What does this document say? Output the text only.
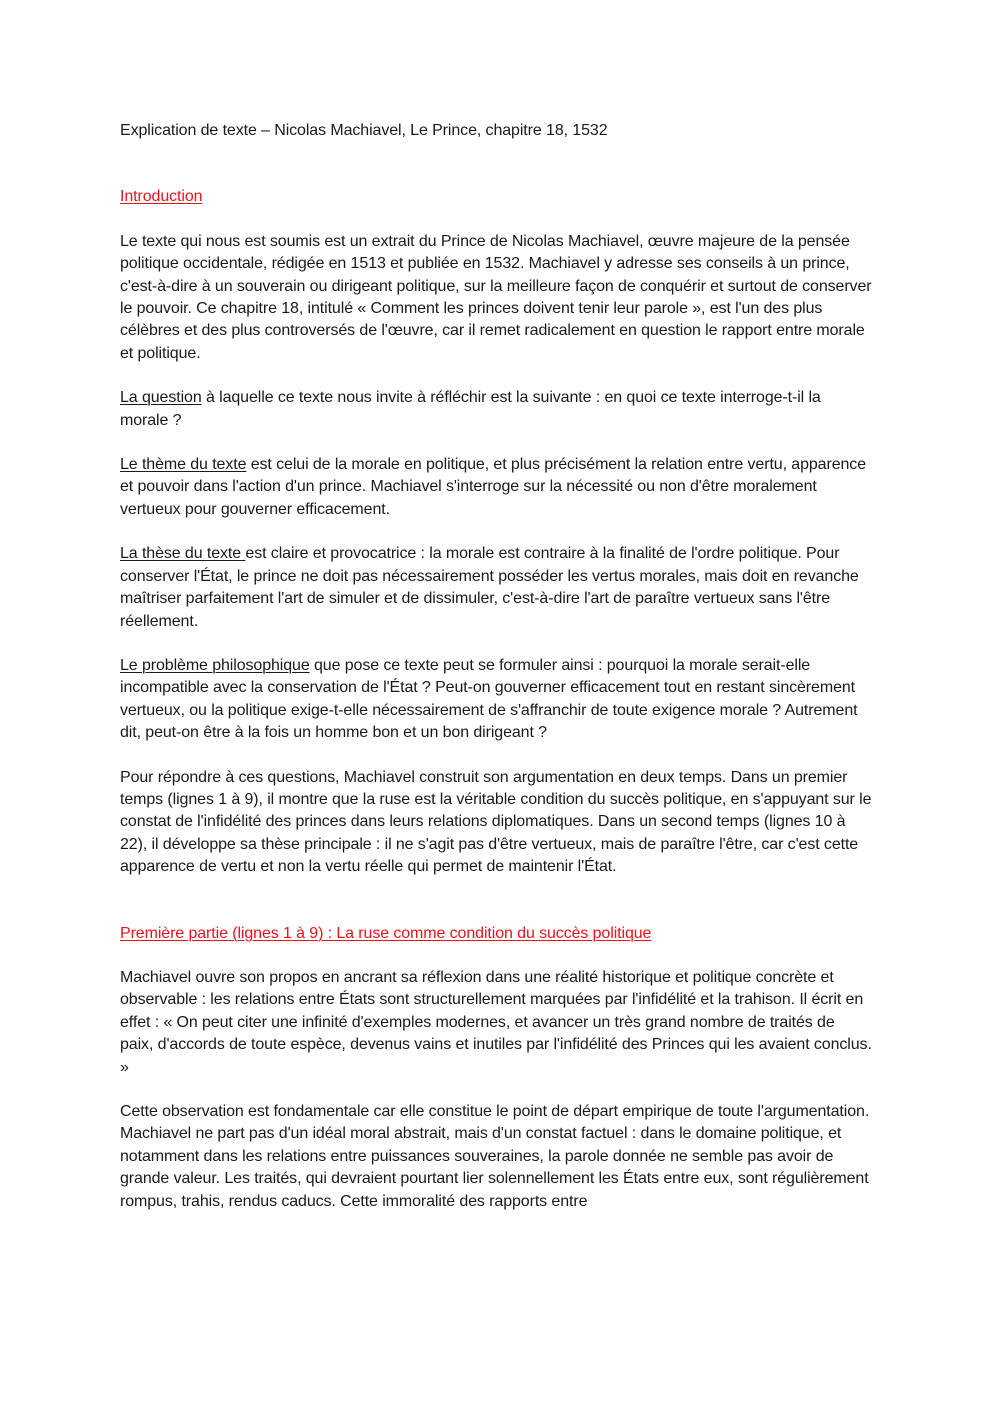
Explication de texte – Nicolas Machiavel, Le Prince, chapitre 18, 1532

Introduction

Le texte qui nous est soumis est un extrait du Prince de Nicolas Machiavel, œuvre majeure de la pensée politique occidentale, rédigée en 1513 et publiée en 1532. Machiavel y adresse ses conseils à un prince, c'est-à-dire à un souverain ou dirigeant politique, sur la meilleure façon de conquérir et surtout de conserver le pouvoir. Ce chapitre 18, intitulé « Comment les princes doivent tenir leur parole », est l'un des plus célèbres et des plus controversés de l'œuvre, car il remet radicalement en question le rapport entre morale et politique.

La question à laquelle ce texte nous invite à réfléchir est la suivante : en quoi ce texte interroge-t-il la morale ?

Le thème du texte est celui de la morale en politique, et plus précisément la relation entre vertu, apparence et pouvoir dans l'action d'un prince. Machiavel s'interroge sur la nécessité ou non d'être moralement vertueux pour gouverner efficacement.

La thèse du texte est claire et provocatrice : la morale est contraire à la finalité de l'ordre politique. Pour conserver l'État, le prince ne doit pas nécessairement posséder les vertus morales, mais doit en revanche maîtriser parfaitement l'art de simuler et de dissimuler, c'est-à-dire l'art de paraître vertueux sans l'être réellement.

Le problème philosophique que pose ce texte peut se formuler ainsi : pourquoi la morale serait-elle incompatible avec la conservation de l'État ? Peut-on gouverner efficacement tout en restant sincèrement vertueux, ou la politique exige-t-elle nécessairement de s'affranchir de toute exigence morale ? Autrement dit, peut-on être à la fois un homme bon et un bon dirigeant ?

Pour répondre à ces questions, Machiavel construit son argumentation en deux temps. Dans un premier temps (lignes 1 à 9), il montre que la ruse est la véritable condition du succès politique, en s'appuyant sur le constat de l'infidélité des princes dans leurs relations diplomatiques. Dans un second temps (lignes 10 à 22), il développe sa thèse principale : il ne s'agit pas d'être vertueux, mais de paraître l'être, car c'est cette apparence de vertu et non la vertu réelle qui permet de maintenir l'État.

Première partie (lignes 1 à 9) : La ruse comme condition du succès politique

Machiavel ouvre son propos en ancrant sa réflexion dans une réalité historique et politique concrète et observable : les relations entre États sont structurellement marquées par l'infidélité et la trahison. Il écrit en effet : « On peut citer une infinité d'exemples modernes, et avancer un très grand nombre de traités de paix, d'accords de toute espèce, devenus vains et inutiles par l'infidélité des Princes qui les avaient conclus. »

Cette observation est fondamentale car elle constitue le point de départ empirique de toute l'argumentation. Machiavel ne part pas d'un idéal moral abstrait, mais d'un constat factuel : dans le domaine politique, et notamment dans les relations entre puissances souveraines, la parole donnée ne semble pas avoir de grande valeur. Les traités, qui devraient pourtant lier solennellement les États entre eux, sont régulièrement rompus, trahis, rendus caducs. Cette immoralité des rapports entre
